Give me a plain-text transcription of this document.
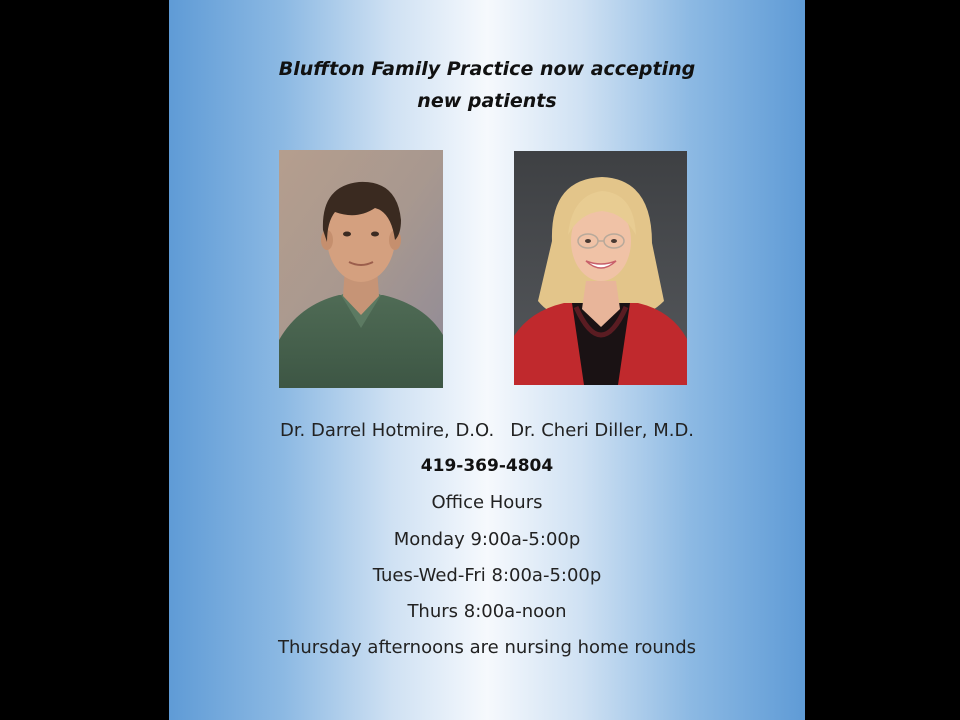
Bluffton Family Practice now accepting

new patients

Dr. Darrel Hotmire, D.O. Dr. Cheri Diller, M.D.
419-369-4804
Office Hours
Monday 9:00a-5:00p
Tues-Wed-Fri 8:00a-5:00p
Thurs 8:00a-noon
Thursday afternoons are nursing home rounds
